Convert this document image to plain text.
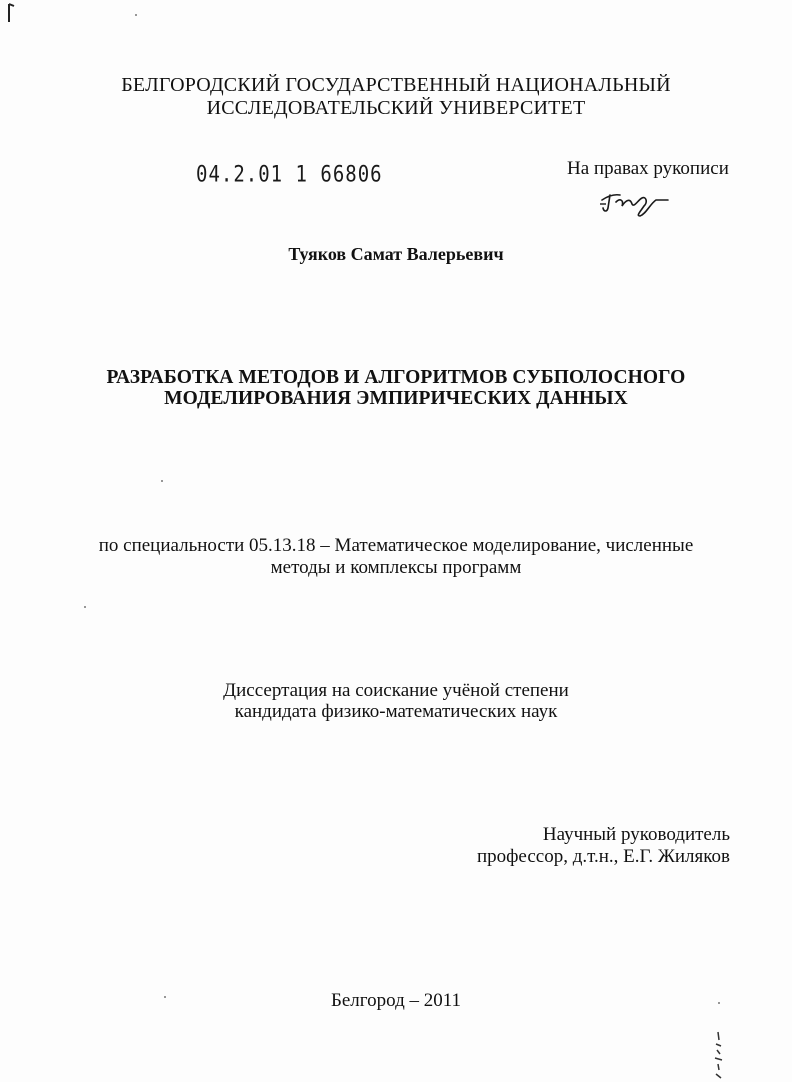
БЕЛГОРОДСКИЙ ГОСУДАРСТВЕННЫЙ НАЦИОНАЛЬНЫЙ
ИССЛЕДОВАТЕЛЬСКИЙ УНИВЕРСИТЕТ
04.2.01 1 66806	На правах рукописи
Туяков Самат Валерьевич
РАЗРАБОТКА МЕТОДОВ И АЛГОРИТМОВ СУБПОЛОСНОГО
МОДЕЛИРОВАНИЯ ЭМПИРИЧЕСКИХ ДАННЫХ
по специальности 05.13.18 – Математическое моделирование, численные
методы и комплексы программ
Диссертация на соискание учёной степени
кандидата физико-математических наук
Научный руководитель
профессор, д.т.н., Е.Г. Жиляков
Белгород – 2011
